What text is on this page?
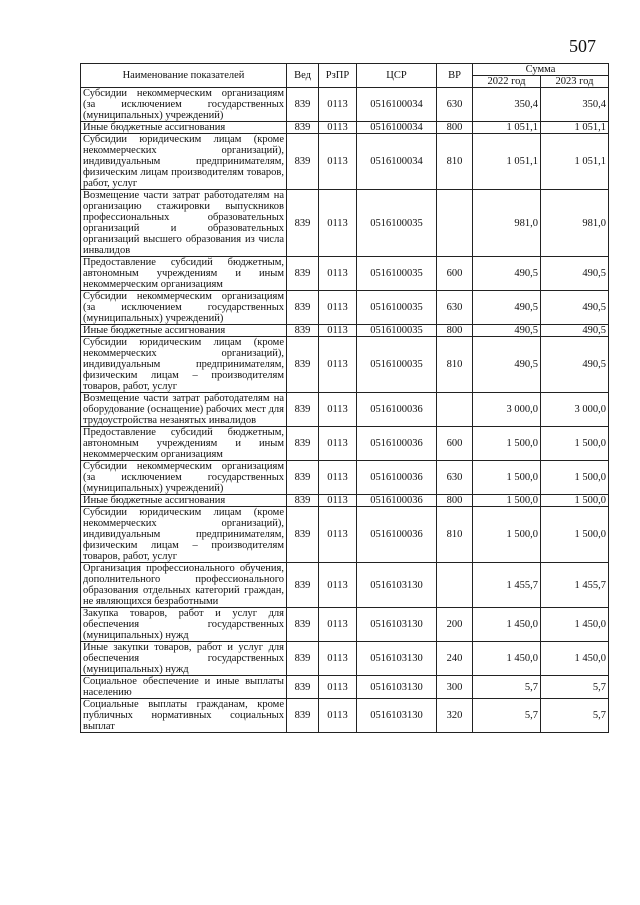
507
Наименование показателей	Вед	РзПР	ЦСР	ВР	Сумма	
					2022 год	2023 год
Субсидии некоммерческим организациям (за исключением государственных (муниципальных) учреждений)	839	0113	0516100034	630	350,4	350,4
Иные бюджетные ассигнования	839	0113	0516100034	800	1 051,1	1 051,1
Субсидии юридическим лицам (кроме некоммерческих организаций), индивидуальным предпринимателям, физическим лицам производителям товаров, работ, услуг	839	0113	0516100034	810	1 051,1	1 051,1
Возмещение части затрат работодателям на организацию стажировки выпускников профессиональных образовательных организаций и образовательных организаций высшего образования из числа инвалидов	839	0113	0516100035		981,0	981,0
Предоставление субсидий бюджетным, автономным учреждениям и иным некоммерческим организациям	839	0113	0516100035	600	490,5	490,5
Субсидии некоммерческим организациям (за исключением государственных (муниципальных) учреждений)	839	0113	0516100035	630	490,5	490,5
Иные бюджетные ассигнования	839	0113	0516100035	800	490,5	490,5
Субсидии юридическим лицам (кроме некоммерческих организаций), индивидуальным предпринимателям, физическим лицам – производителям товаров, работ, услуг	839	0113	0516100035	810	490,5	490,5
Возмещение части затрат работодателям на оборудование (оснащение) рабочих мест для трудоустройства незанятых инвалидов	839	0113	0516100036		3 000,0	3 000,0
Предоставление субсидий бюджетным, автономным учреждениям и иным некоммерческим организациям	839	0113	0516100036	600	1 500,0	1 500,0
Субсидии некоммерческим организациям (за исключением государственных (муниципальных) учреждений)	839	0113	0516100036	630	1 500,0	1 500,0
Иные бюджетные ассигнования	839	0113	0516100036	800	1 500,0	1 500,0
Субсидии юридическим лицам (кроме некоммерческих организаций), индивидуальным предпринимателям, физическим лицам – производителям товаров, работ, услуг	839	0113	0516100036	810	1 500,0	1 500,0
Организация профессионального обучения, дополнительного профессионального образования отдельных категорий граждан, не являющихся безработными	839	0113	0516103130		1 455,7	1 455,7
Закупка товаров, работ и услуг для обеспечения государственных (муниципальных) нужд	839	0113	0516103130	200	1 450,0	1 450,0
Иные закупки товаров, работ и услуг для обеспечения государственных (муниципальных) нужд	839	0113	0516103130	240	1 450,0	1 450,0
Социальное обеспечение и иные выплаты населению	839	0113	0516103130	300	5,7	5,7
Социальные выплаты гражданам, кроме публичных нормативных социальных выплат	839	0113	0516103130	320	5,7	5,7
